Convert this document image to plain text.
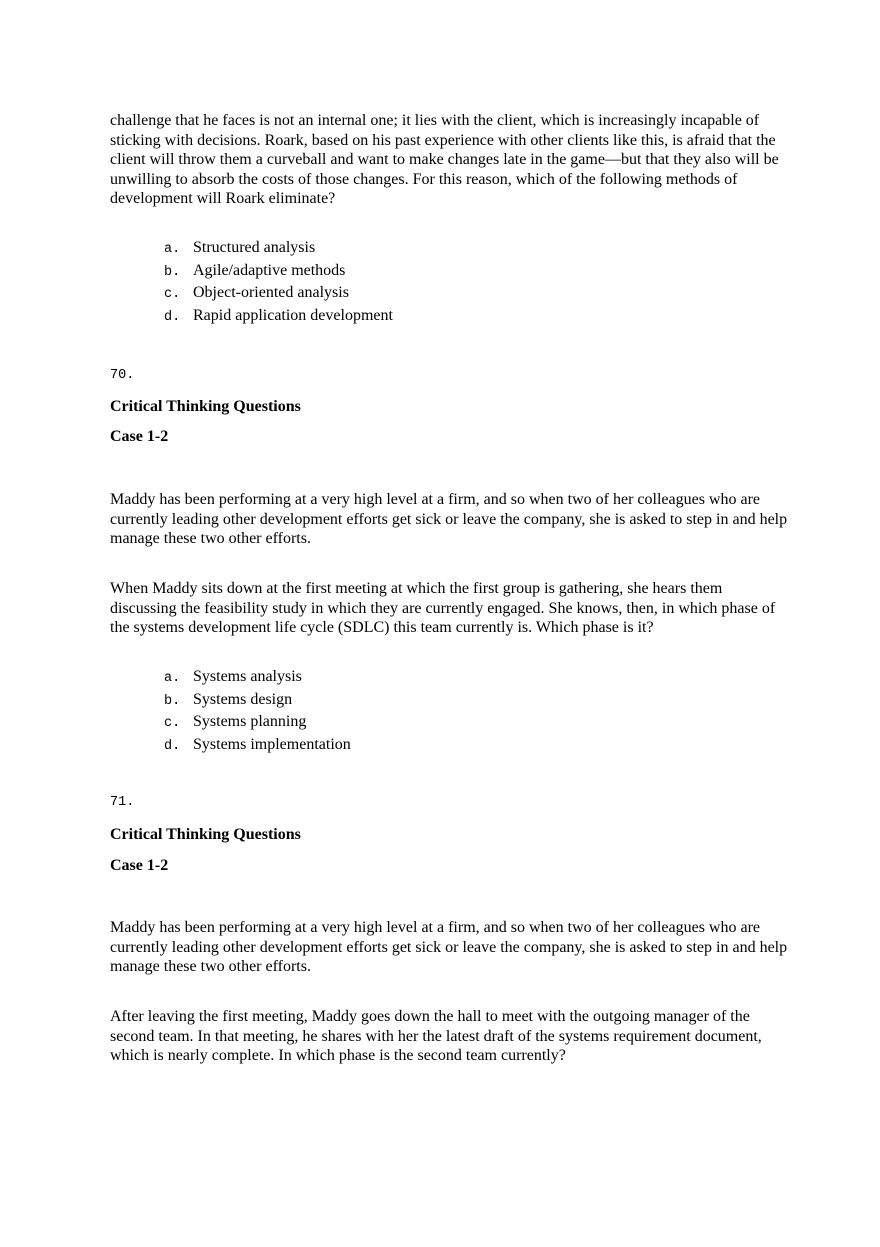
challenge that he faces is not an internal one; it lies with the client, which is increasingly incapable of sticking with decisions. Roark, based on his past experience with other clients like this, is afraid that the client will throw them a curveball and want to make changes late in the game—but that they also will be unwilling to absorb the costs of those changes. For this reason, which of the following methods of development will Roark eliminate?

a. Structured analysis
b. Agile/adaptive methods
c. Object-oriented analysis
d. Rapid application development

70.

Critical Thinking Questions

Case 1-2

Maddy has been performing at a very high level at a firm, and so when two of her colleagues who are currently leading other development efforts get sick or leave the company, she is asked to step in and help manage these two other efforts.

When Maddy sits down at the first meeting at which the first group is gathering, she hears them discussing the feasibility study in which they are currently engaged. She knows, then, in which phase of the systems development life cycle (SDLC) this team currently is. Which phase is it?

a. Systems analysis
b. Systems design
c. Systems planning
d. Systems implementation

71.

Critical Thinking Questions

Case 1-2

Maddy has been performing at a very high level at a firm, and so when two of her colleagues who are currently leading other development efforts get sick or leave the company, she is asked to step in and help manage these two other efforts.

After leaving the first meeting, Maddy goes down the hall to meet with the outgoing manager of the second team. In that meeting, he shares with her the latest draft of the systems requirement document, which is nearly complete. In which phase is the second team currently?
